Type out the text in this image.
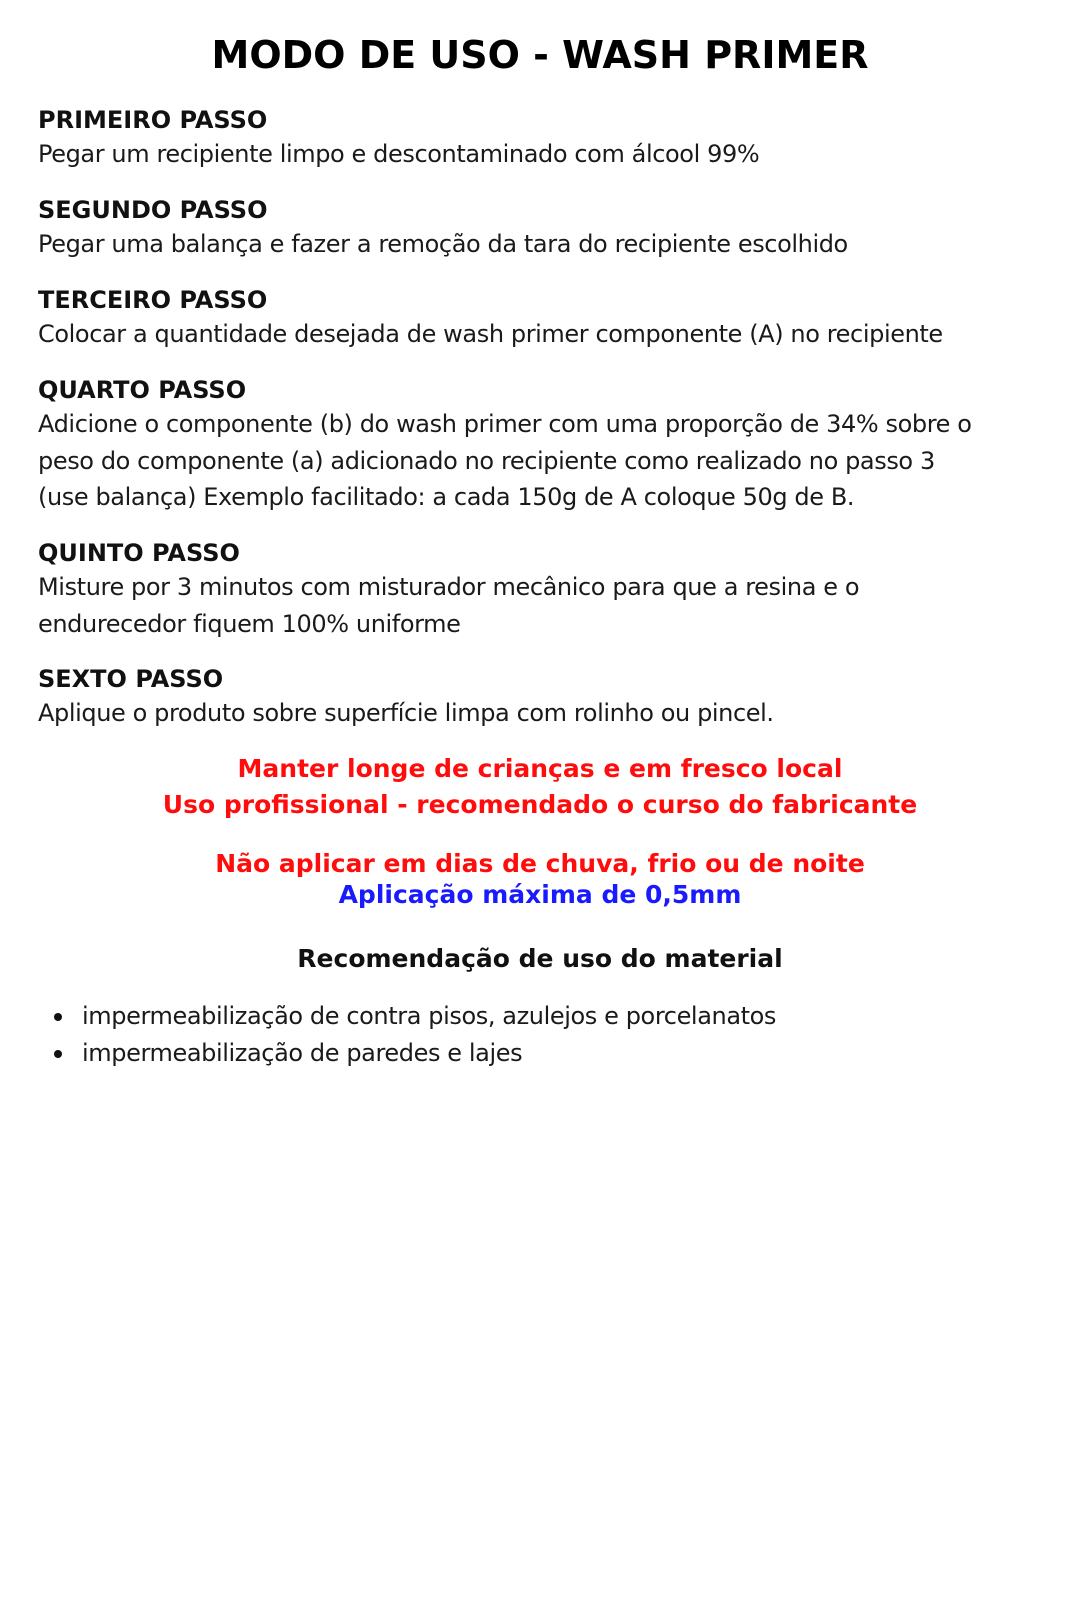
MODO DE USO - WASH PRIMER
PRIMEIRO PASSO
Pegar um recipiente limpo e descontaminado com álcool 99%
SEGUNDO PASSO
Pegar uma balança e fazer a remoção da tara do recipiente escolhido
TERCEIRO PASSO
Colocar a quantidade desejada de wash primer componente (A) no recipiente
QUARTO PASSO
Adicione o componente (b) do wash primer com uma proporção de 34% sobre o
peso do componente (a) adicionado no recipiente como realizado no passo 3
(use balança) Exemplo facilitado: a cada 150g de A coloque 50g de B.
QUINTO PASSO
Misture por 3 minutos com misturador mecânico para que a resina e o
endurecedor fiquem 100% uniforme
SEXTO PASSO
Aplique o produto sobre superfície limpa com rolinho ou pincel.
Manter longe de crianças e em fresco local
Uso profissional - recomendado o curso do fabricante
Não aplicar em dias de chuva, frio ou de noite
Aplicação máxima de 0,5mm
Recomendação de uso do material
impermeabilização de contra pisos, azulejos e porcelanatos
impermeabilização de paredes e lajes
